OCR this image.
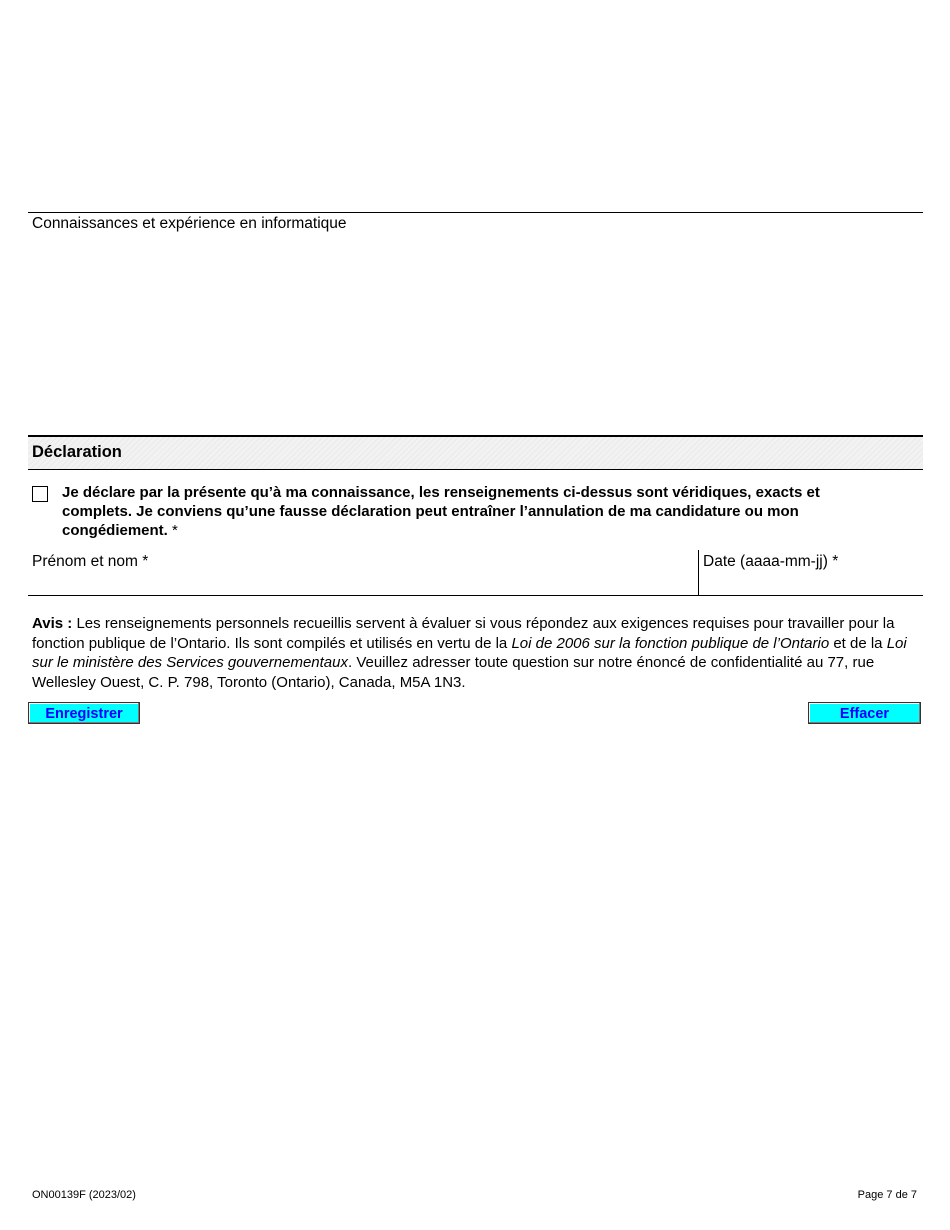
Connaissances et expérience en informatique
Déclaration
Je déclare par la présente qu’à ma connaissance, les renseignements ci-dessus sont véridiques, exacts et complets. Je conviens qu’une fausse déclaration peut entraîner l’annulation de ma candidature ou mon congédiement. *
Prénom et nom *	Date (aaaa-mm-jj) *
Avis : Les renseignements personnels recueillis servent à évaluer si vous répondez aux exigences requises pour travailler pour la fonction publique de l’Ontario. Ils sont compilés et utilisés en vertu de la Loi de 2006 sur la fonction publique de l’Ontario et de la Loi sur le ministère des Services gouvernementaux. Veuillez adresser toute question sur notre énoncé de confidentialité au 77, rue Wellesley Ouest, C. P. 798, Toronto (Ontario), Canada, M5A 1N3.
Enregistrer	Effacer
ON00139F (2023/02)	Page 7 de 7
